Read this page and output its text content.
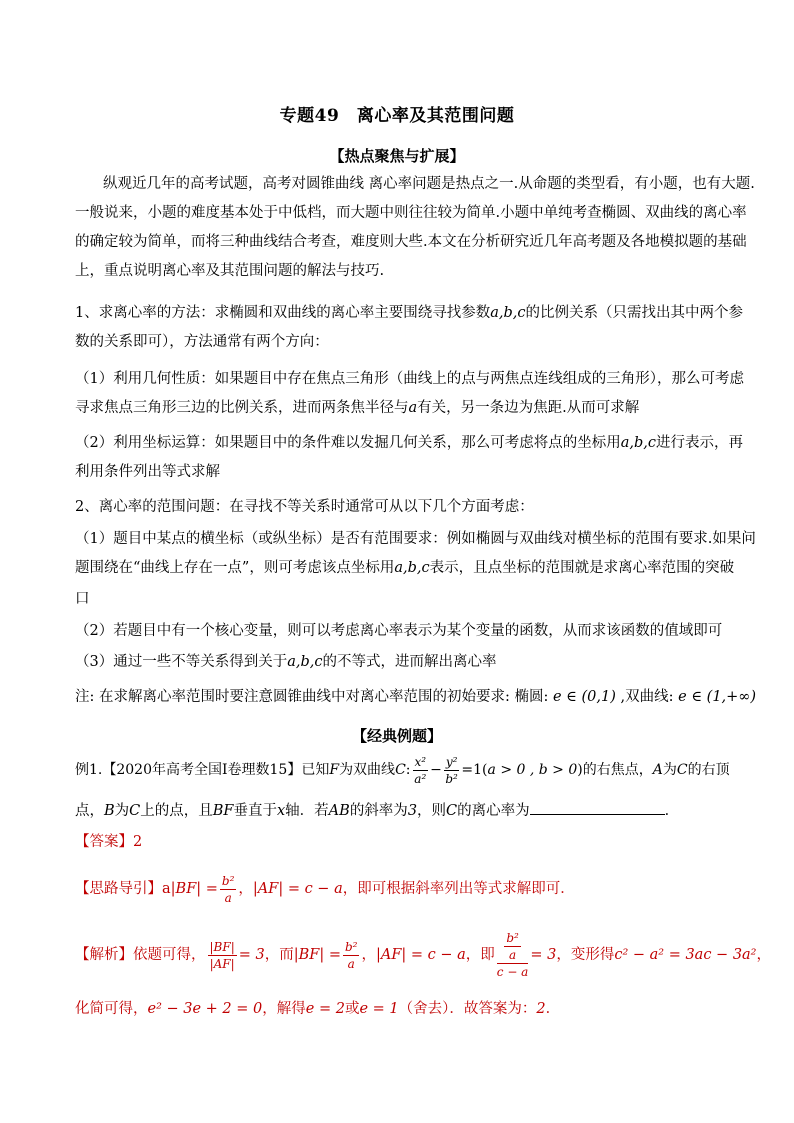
专题49　离心率及其范围问题
【热点聚焦与扩展】
纵观近几年的高考试题，高考对圆锥曲线 离心率问题是热点之一.从命题的类型看，有小题，也有大题.
一般说来，小题的难度基本处于中低档，而大题中则往往较为简单.小题中单纯考查椭圆、双曲线的离心率
的确定较为简单，而将三种曲线结合考查，难度则大些.本文在分析研究近几年高考题及各地模拟题的基础
上，重点说明离心率及其范围问题的解法与技巧.
1、求离心率的方法：求椭圆和双曲线的离心率主要围绕寻找参数a,b,c的比例关系（只需找出其中两个参
数的关系即可），方法通常有两个方向：
（1）利用几何性质：如果题目中存在焦点三角形（曲线上的点与两焦点连线组成的三角形），那么可考虑
寻求焦点三角形三边的比例关系，进而两条焦半径与a有关，另一条边为焦距.从而可求解
（2）利用坐标运算：如果题目中的条件难以发掘几何关系，那么可考虑将点的坐标用a,b,c进行表示，再
利用条件列出等式求解
2、离心率的范围问题：在寻找不等关系时通常可从以下几个方面考虑：
（1）题目中某点的横坐标（或纵坐标）是否有范围要求：例如椭圆与双曲线对横坐标的范围有要求.如果问
题围绕在“曲线上存在一点”，则可考虑该点坐标用a,b,c表示，且点坐标的范围就是求离心率范围的突破
口
（2）若题目中有一个核心变量，则可以考虑离心率表示为某个变量的函数，从而求该函数的值域即可
（3）通过一些不等关系得到关于a,b,c的不等式，进而解出离心率
注: 在求解离心率范围时要注意圆锥曲线中对离心率范围的初始要求: 椭圆: e ∈ (0,1) ,双曲线: e ∈ (1,+∞)
【经典例题】
例1.【2020年高考全国Ⅰ卷理数15】已知F为双曲线C: $\frac{\text{x²}}{\text{a²}} - \frac{\text{y²}}{\text{b²}} =1(a > 0$ , b > 0)的右焦点，A为C的右顶
点，B为C上的点，且BF垂直于x轴．若AB的斜率为3，则C的离心率为	．
【答案】2
【思路导引】$a|BF| = \frac{\text{b²}}{a}$ ，|AF| = c − a，即可根据斜率列出等式求解即可．
【解析】依题可得， $\frac{|BF|}{|AF|} = 3$，而$|BF| = \frac{\text{b²}}{a}$ ，|AF| = c − a，即 $\frac{\frac{\text{b²}}{a}}{c - a} = 3$，变形得c² − a² = 3ac − 3a²，
化简可得，e² − 3e + 2 = 0，解得e = 2或e = 1（舍去）．故答案为：2．
